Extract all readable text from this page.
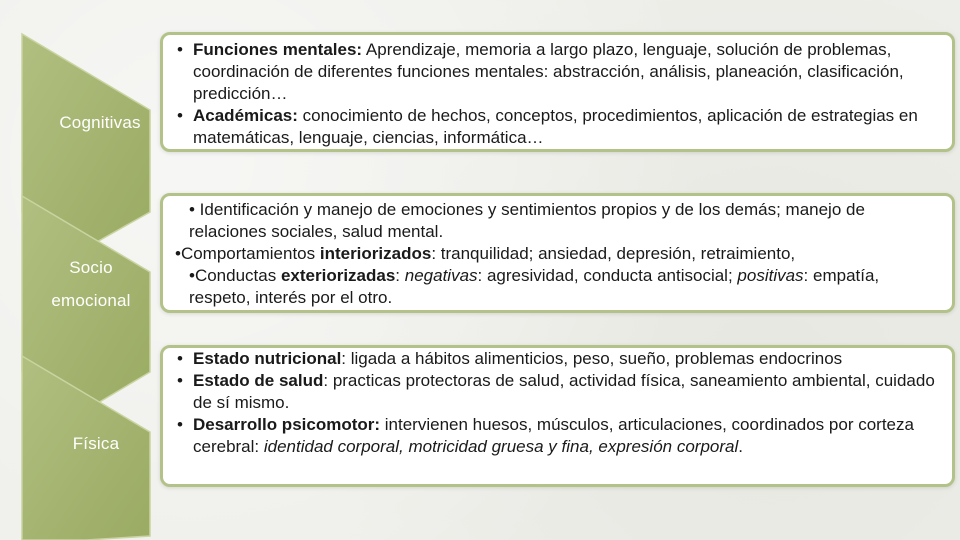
Cognitivas
Socio
emocional
Física
• Funciones mentales: Aprendizaje, memoria a largo plazo, lenguaje, solución de problemas, coordinación de diferentes funciones mentales: abstracción, análisis, planeación, clasificación, predicción…
• Académicas: conocimiento de hechos, conceptos, procedimientos, aplicación de estrategias en matemáticas, lenguaje, ciencias, informática…
• Identificación y manejo de emociones y sentimientos propios y de los demás; manejo de relaciones sociales, salud mental.
•Comportamientos interiorizados: tranquilidad; ansiedad, depresión, retraimiento,
•Conductas exteriorizadas: negativas: agresividad, conducta antisocial; positivas: empatía, respeto, interés por el otro.
• Estado nutricional: ligada a hábitos alimenticios, peso, sueño, problemas endocrinos
• Estado de salud: practicas protectoras de salud, actividad física, saneamiento ambiental, cuidado de sí mismo.
• Desarrollo psicomotor: intervienen huesos, músculos, articulaciones, coordinados por corteza cerebral: identidad corporal, motricidad gruesa y fina, expresión corporal.
